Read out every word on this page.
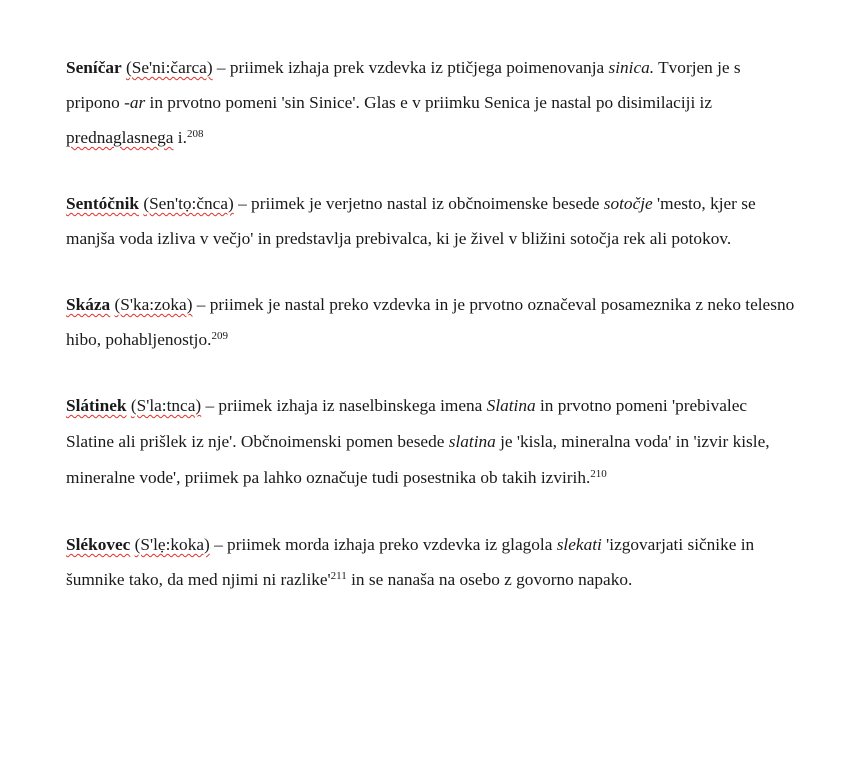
Seníčar (Se'ni:čarca) – priimek izhaja prek vzdevka iz ptičjega poimenovanja sinica. Tvorjen je s pripono -ar in prvotno pomeni 'sin Sinice'. Glas e v priimku Senica je nastal po disimilaciji iz prednaglasnega i.$^{208}$

Sentóčnik (Sen'tọ:čnca) – priimek je verjetno nastal iz občnoimenske besede sotočje 'mesto, kjer se manjša voda izliva v večjo' in predstavlja prebivalca, ki je živel v bližini sotočja rek ali potokov.

Skáza (S'ka:zoka) – priimek je nastal preko vzdevka in je prvotno označeval posameznika z neko telesno hibo, pohabljenostjo.$^{209}$

Slátinek (S'la:tnca) – priimek izhaja iz naselbinskega imena Slatina in prvotno pomeni 'prebivalec Slatine ali prišlek iz nje'. Občnoimenski pomen besede slatina je 'kisla, mineralna voda' in 'izvir kisle, mineralne vode', priimek pa lahko označuje tudi posestnika ob takih izvirih.$^{210}$

Slékovec (S'lẹ:koka) – priimek morda izhaja preko vzdevka iz glagola slekati 'izgovarjati sičnike in šumnike tako, da med njimi ni $razlike'^{211}$ in se nanaša na osebo z govorno napako.
